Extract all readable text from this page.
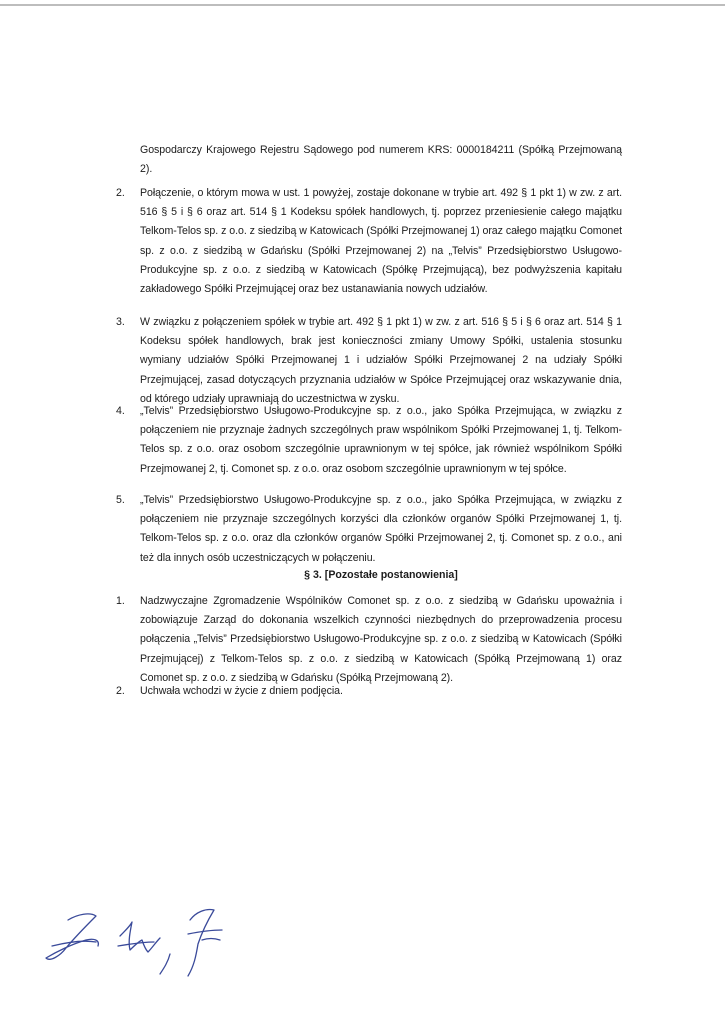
Gospodarczy Krajowego Rejestru Sądowego pod numerem KRS: 0000184211 (Spółką Przejmowaną 2).
2.	Połączenie, o którym mowa w ust. 1 powyżej, zostaje dokonane w trybie art. 492 § 1 pkt 1) w zw. z art. 516 § 5 i § 6 oraz art. 514 § 1 Kodeksu spółek handlowych, tj. poprzez przeniesienie całego majątku Telkom-Telos sp. z o.o. z siedzibą w Katowicach (Spółki Przejmowanej 1) oraz całego majątku Comonet sp. z o.o. z siedzibą w Gdańsku (Spółki Przejmowanej 2) na „Telvis” Przedsiębiorstwo Usługowo-Produkcyjne sp. z o.o. z siedzibą w Katowicach (Spółkę Przejmującą), bez podwyższenia kapitału zakładowego Spółki Przejmującej oraz bez ustanawiania nowych udziałów.
3.	W związku z połączeniem spółek w trybie art. 492 § 1 pkt 1) w zw. z art. 516 § 5 i § 6 oraz art. 514 § 1 Kodeksu spółek handlowych, brak jest konieczności zmiany Umowy Spółki, ustalenia stosunku wymiany udziałów Spółki Przejmowanej 1 i udziałów Spółki Przejmowanej 2 na udziały Spółki Przejmującej, zasad dotyczących przyznania udziałów w Spółce Przejmującej oraz wskazywanie dnia, od którego udziały uprawniają do uczestnictwa w zysku.
4.	„Telvis” Przedsiębiorstwo Usługowo-Produkcyjne sp. z o.o., jako Spółka Przejmująca, w związku z połączeniem nie przyznaje żadnych szczególnych praw wspólnikom Spółki Przejmowanej 1, tj. Telkom-Telos sp. z o.o. oraz osobom szczególnie uprawnionym w tej spółce, jak również wspólnikom Spółki Przejmowanej 2, tj. Comonet sp. z o.o. oraz osobom szczególnie uprawnionym w tej spółce.
5.	„Telvis” Przedsiębiorstwo Usługowo-Produkcyjne sp. z o.o., jako Spółka Przejmująca, w związku z połączeniem nie przyznaje szczególnych korzyści dla członków organów Spółki Przejmowanej 1, tj. Telkom-Telos sp. z o.o. oraz dla członków organów Spółki Przejmowanej 2, tj. Comonet sp. z o.o., ani też dla innych osób uczestniczących w połączeniu.
§ 3. [Pozostałe postanowienia]
1.	Nadzwyczajne Zgromadzenie Wspólników Comonet sp. z o.o. z siedzibą w Gdańsku upoważnia i zobowiązuje Zarząd do dokonania wszelkich czynności niezbędnych do przeprowadzenia procesu połączenia „Telvis” Przedsiębiorstwo Usługowo-Produkcyjne sp. z o.o. z siedzibą w Katowicach (Spółki Przejmującej) z Telkom-Telos sp. z o.o. z siedzibą w Katowicach (Spółką Przejmowaną 1) oraz Comonet sp. z o.o. z siedzibą w Gdańsku (Spółką Przejmowaną 2).
2.	Uchwała wchodzi w życie z dniem podjęcia.
